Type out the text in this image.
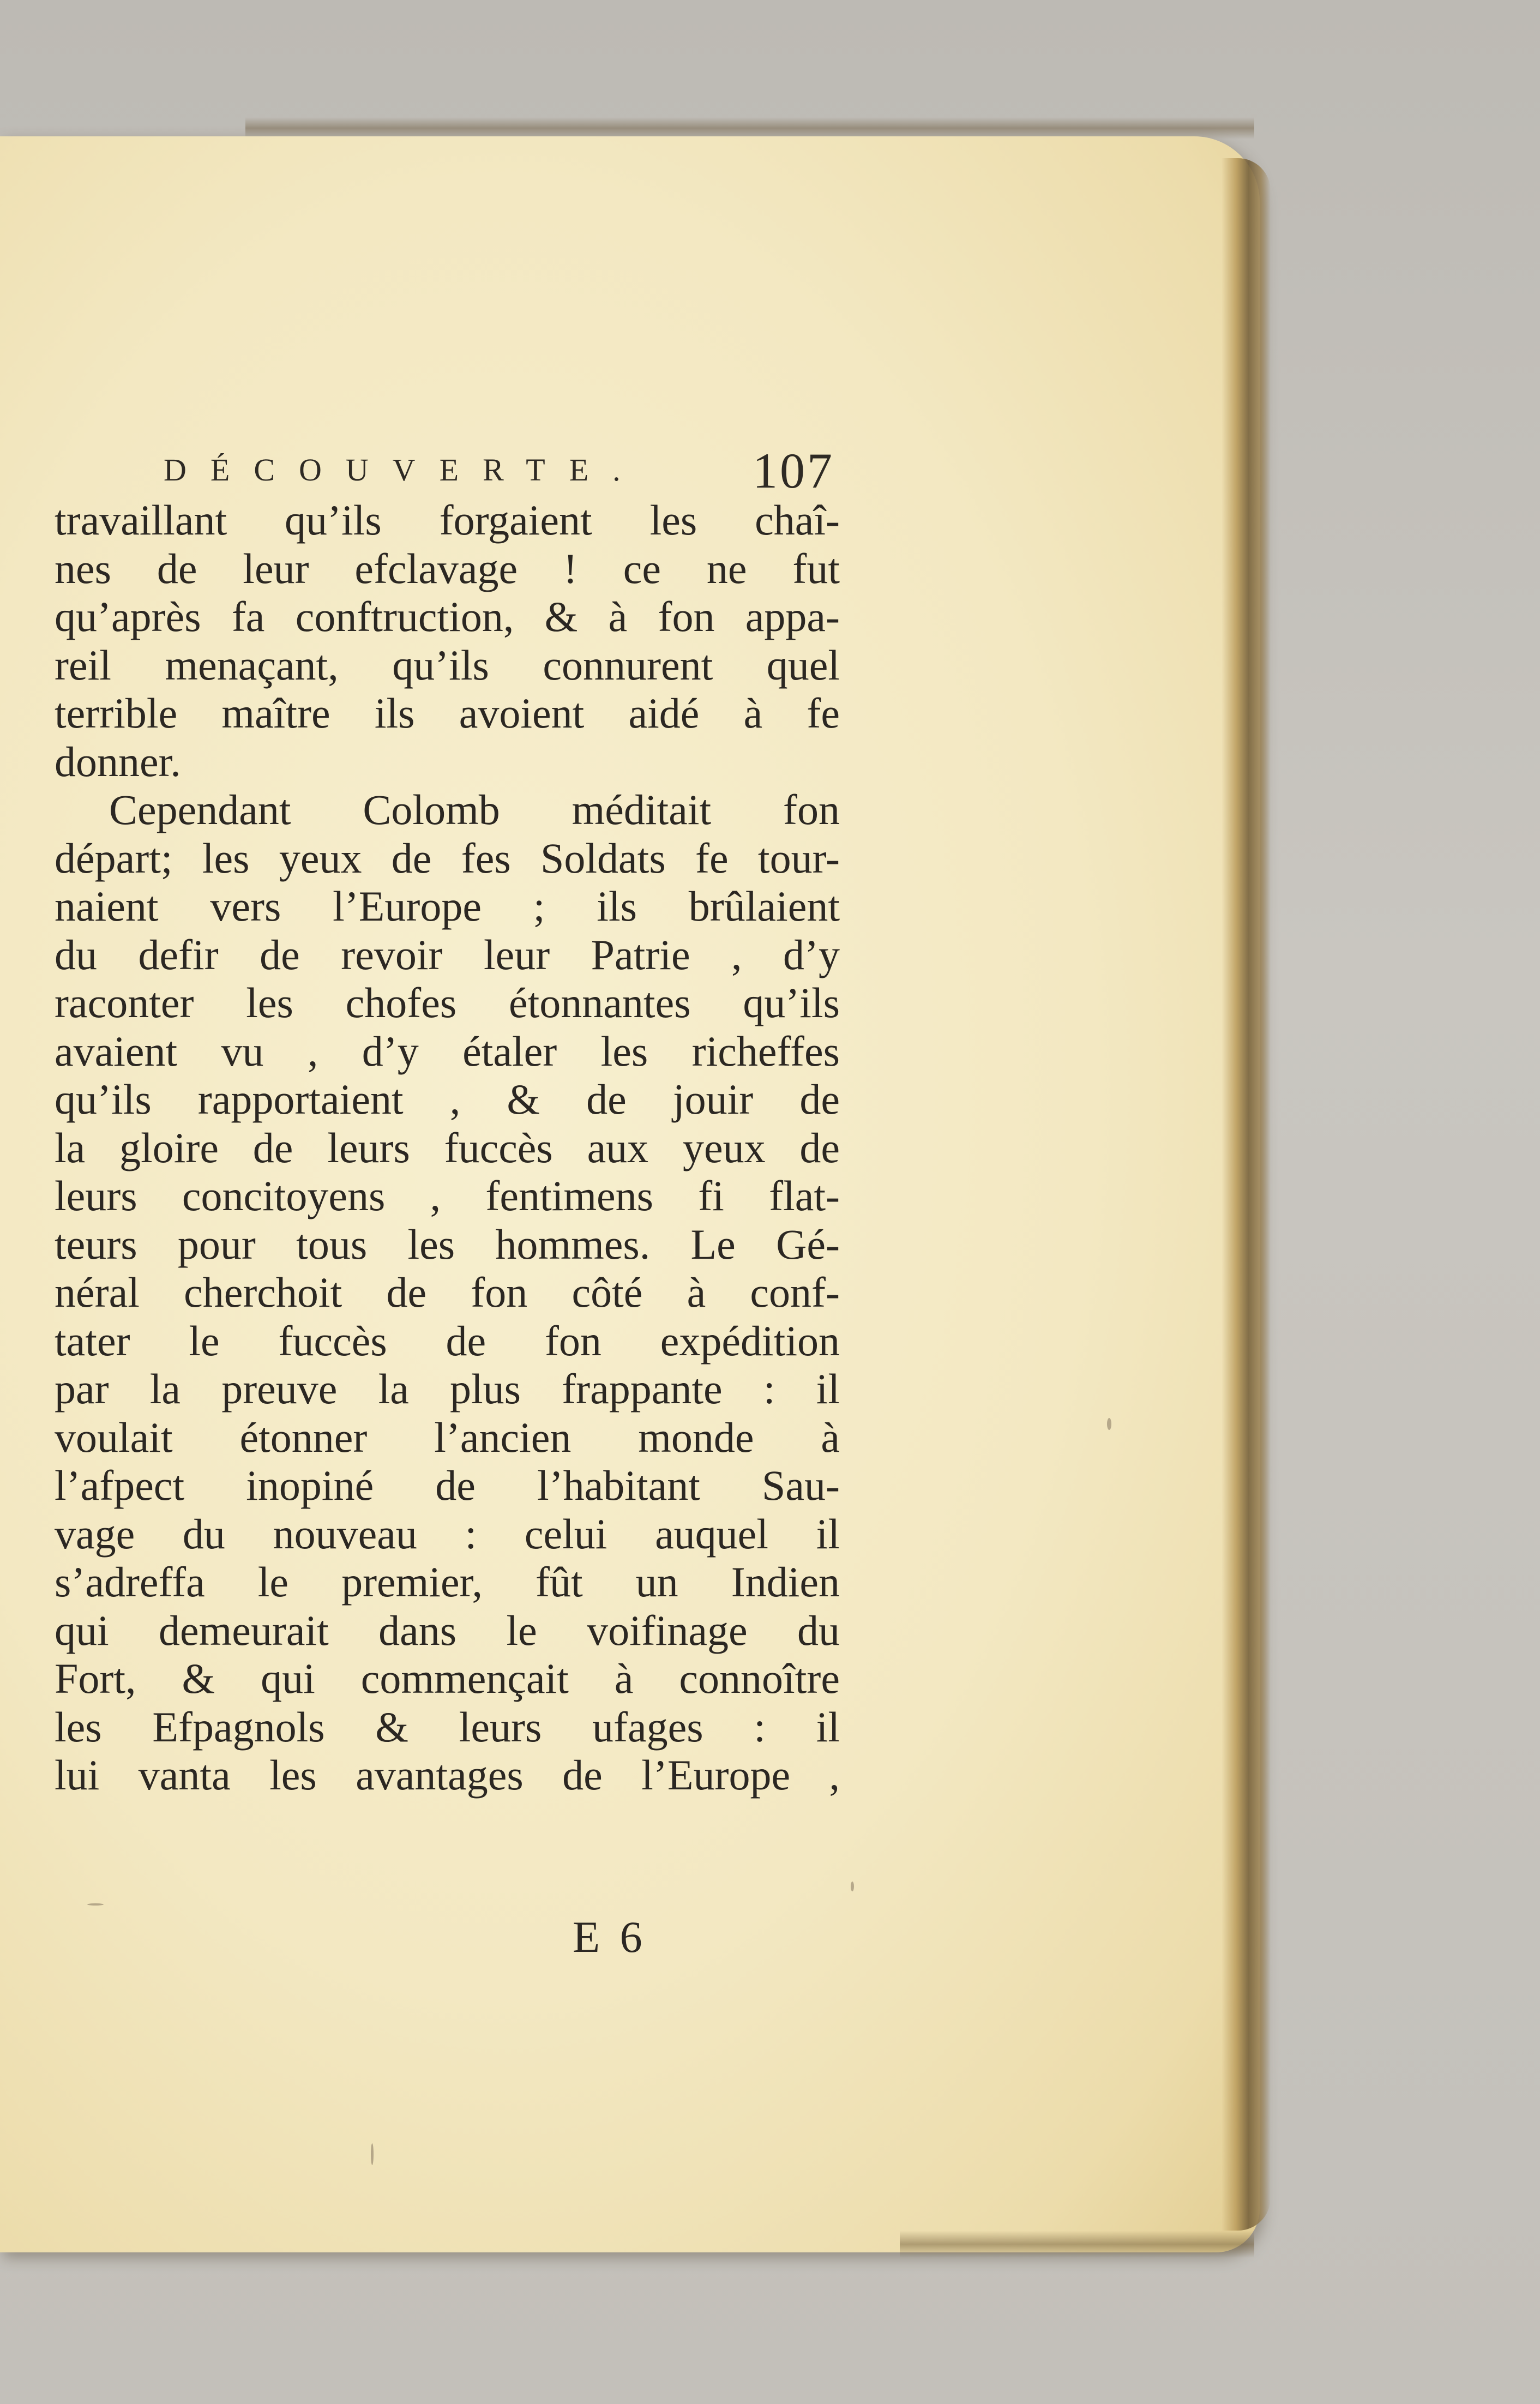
DÉCOUVERTE. 107
travaillant qu’ils forgaient les chaî-
nes de leur efclavage ! ce ne fut
qu’après fa conftruction, & à fon appa-
reil menaçant, qu’ils connurent quel
terrible maître ils avoient aidé à fe
donner.
Cependant Colomb méditait fon
départ; les yeux de fes Soldats fe tour-
naient vers l’Europe ; ils brûlaient
du defir de revoir leur Patrie , d’y
raconter les chofes étonnantes qu’ils
avaient vu , d’y étaler les richeffes
qu’ils rapportaient , & de jouir de
la gloire de leurs fuccès aux yeux de
leurs concitoyens , fentimens fi flat-
teurs pour tous les hommes. Le Gé-
néral cherchoit de fon côté à conf-
tater le fuccès de fon expédition
par la preuve la plus frappante : il
voulait étonner l’ancien monde à
l’afpect inopiné de l’habitant Sau-
vage du nouveau : celui auquel il
s’adreffa le premier, fût un Indien
qui demeurait dans le voifinage du
Fort, & qui commençait à connoître
les Efpagnols & leurs ufages : il
lui vanta les avantages de l’Europe ,
E 6
